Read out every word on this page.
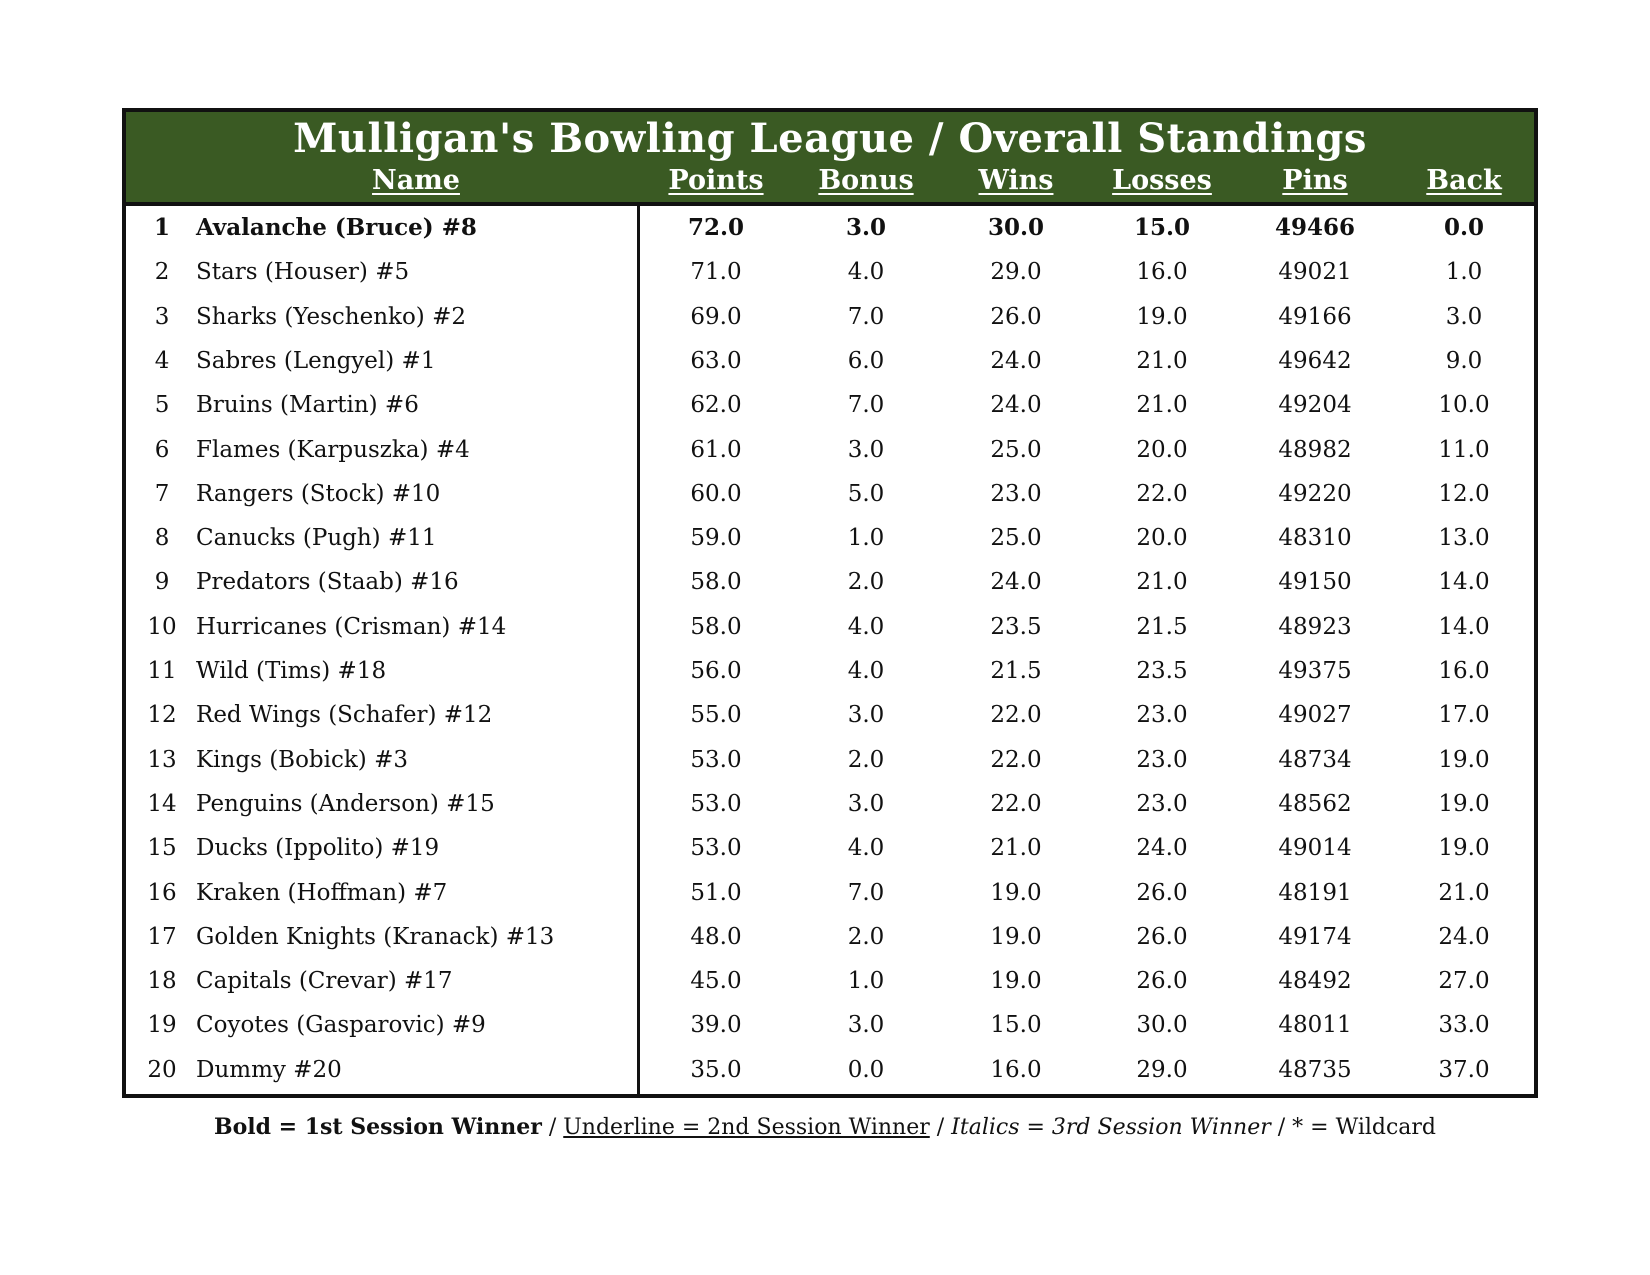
Mulligan's Bowling League / Overall Standings
Name	Points Bonus Wins Losses	Pins	Back
1 Avalanche (Bruce) #8	72.0	3.0	30.0	15.0	49466	0.0
2 Stars (Houser) #5	71.0	4.0	29.0	16.0	49021	1.0
3 Sharks (Yeschenko) #2	69.0	7.0	26.0	19.0	49166	3.0
4 Sabres (Lengyel) #1	63.0	6.0	24.0	21.0	49642	9.0
5 Bruins (Martin) #6	62.0	7.0	24.0	21.0	49204	10.0
6 Flames (Karpuszka) #4	61.0	3.0	25.0	20.0	48982	11.0
7 Rangers (Stock) #10	60.0	5.0	23.0	22.0	49220	12.0
8 Canucks (Pugh) #11	59.0	1.0	25.0	20.0	48310	13.0
9 Predators (Staab) #16	58.0	2.0	24.0	21.0	49150	14.0
10 Hurricanes (Crisman) #14	58.0	4.0	23.5	21.5	48923	14.0
11 Wild (Tims) #18	56.0	4.0	21.5	23.5	49375	16.0
12 Red Wings (Schafer) #12	55.0	3.0	22.0	23.0	49027	17.0
13 Kings (Bobick) #3	53.0	2.0	22.0	23.0	48734	19.0
14 Penguins (Anderson) #15	53.0	3.0	22.0	23.0	48562	19.0
15 Ducks (Ippolito) #19	53.0	4.0	21.0	24.0	49014	19.0
16 Kraken (Hoffman) #7	51.0	7.0	19.0	26.0	48191	21.0
17 Golden Knights (Kranack) #13	48.0	2.0	19.0	26.0	49174	24.0
18 Capitals (Crevar) #17	45.0	1.0	19.0	26.0	48492	27.0
19 Coyotes (Gasparovic) #9	39.0	3.0	15.0	30.0	48011	33.0
20 Dummy #20	35.0	0.0	16.0	29.0	48735	37.0
Bold = 1st Session Winner / Underline = 2nd Session Winner / Italics = 3rd Session Winner / * = Wildcard
